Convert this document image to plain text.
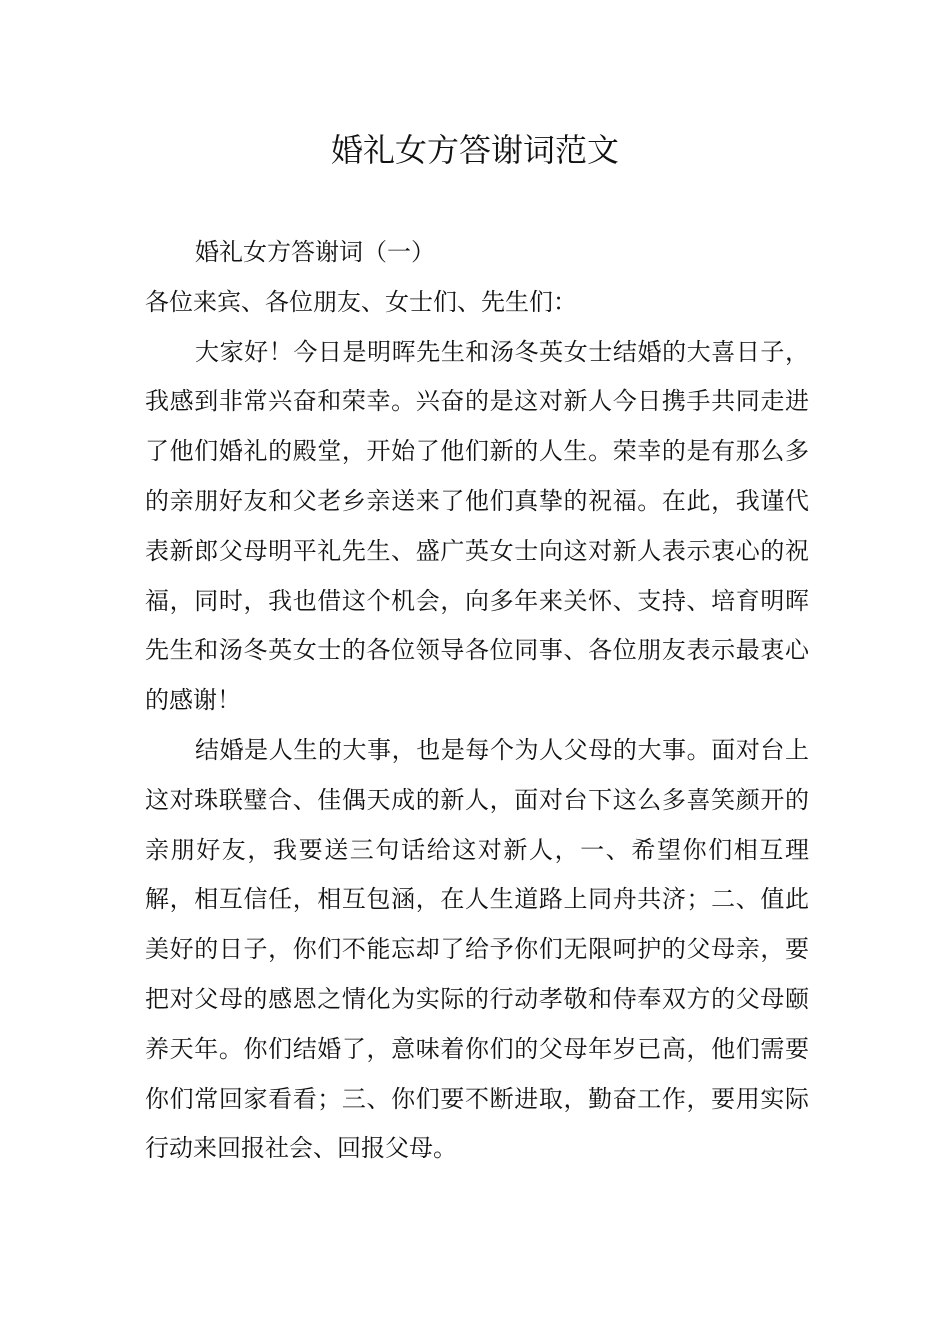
婚礼女方答谢词范文

婚礼女方答谢词（一）

各位来宾、各位朋友、女士们、先生们：

大家好！今日是明晖先生和汤冬英女士结婚的大喜日子，我感到非常兴奋和荣幸。兴奋的是这对新人今日携手共同走进了他们婚礼的殿堂，开始了他们新的人生。荣幸的是有那么多的亲朋好友和父老乡亲送来了他们真挚的祝福。在此，我谨代表新郎父母明平礼先生、盛广英女士向这对新人表示衷心的祝福，同时，我也借这个机会，向多年来关怀、支持、培育明晖先生和汤冬英女士的各位领导各位同事、各位朋友表示最衷心的感谢！

结婚是人生的大事，也是每个为人父母的大事。面对台上这对珠联璧合、佳偶天成的新人，面对台下这么多喜笑颜开的亲朋好友，我要送三句话给这对新人，一、希望你们相互理解，相互信任，相互包涵，在人生道路上同舟共济；二、值此美好的日子，你们不能忘却了给予你们无限呵护的父母亲，要把对父母的感恩之情化为实际的行动孝敬和侍奉双方的父母颐养天年。你们结婚了，意味着你们的父母年岁已高，他们需要你们常回家看看；三、你们要不断进取，勤奋工作，要用实际行动来回报社会、回报父母。
